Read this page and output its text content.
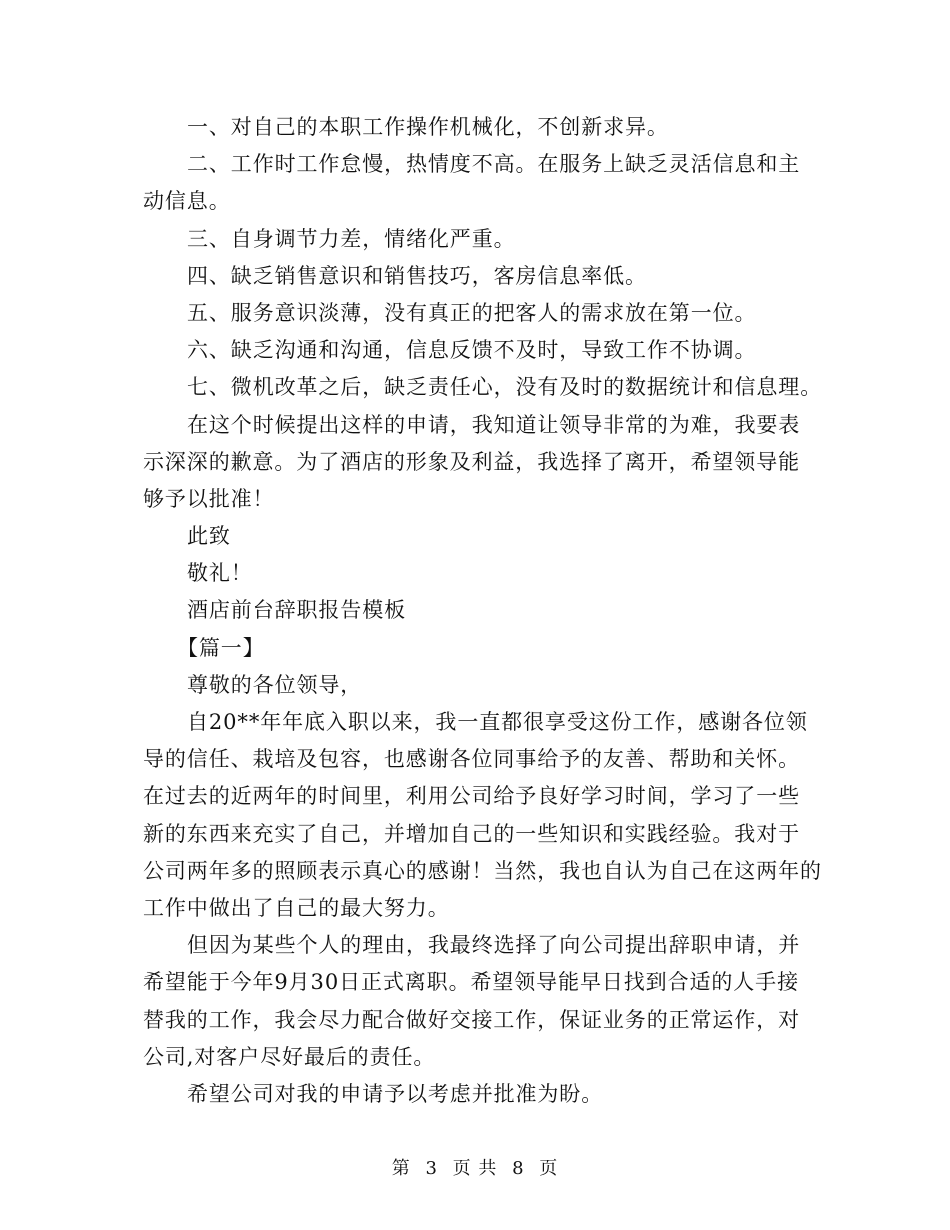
一、对自己的本职工作操作机械化，不创新求异。
二、工作时工作怠慢，热情度不高。在服务上缺乏灵活信息和主
动信息。
三、自身调节力差，情绪化严重。
四、缺乏销售意识和销售技巧，客房信息率低。
五、服务意识淡薄，没有真正的把客人的需求放在第一位。
六、缺乏沟通和沟通，信息反馈不及时，导致工作不协调。
七、微机改革之后，缺乏责任心，没有及时的数据统计和信息理。
在这个时候提出这样的申请，我知道让领导非常的为难，我要表
示深深的歉意。为了酒店的形象及利益，我选择了离开，希望领导能
够予以批准！
此致
敬礼！
酒店前台辞职报告模板
【篇一】
尊敬的各位领导，
自20**年年底入职以来，我一直都很享受这份工作，感谢各位领
导的信任、栽培及包容，也感谢各位同事给予的友善、帮助和关怀。
在过去的近两年的时间里，利用公司给予良好学习时间，学习了一些
新的东西来充实了自己，并增加自己的一些知识和实践经验。我对于
公司两年多的照顾表示真心的感谢！当然，我也自认为自己在这两年的
工作中做出了自己的最大努力。
但因为某些个人的理由，我最终选择了向公司提出辞职申请，并
希望能于今年9月30日正式离职。希望领导能早日找到合适的人手接
替我的工作，我会尽力配合做好交接工作，保证业务的正常运作，对
公司,对客户尽好最后的责任。
希望公司对我的申请予以考虑并批准为盼。
第 3 页 共 8 页
